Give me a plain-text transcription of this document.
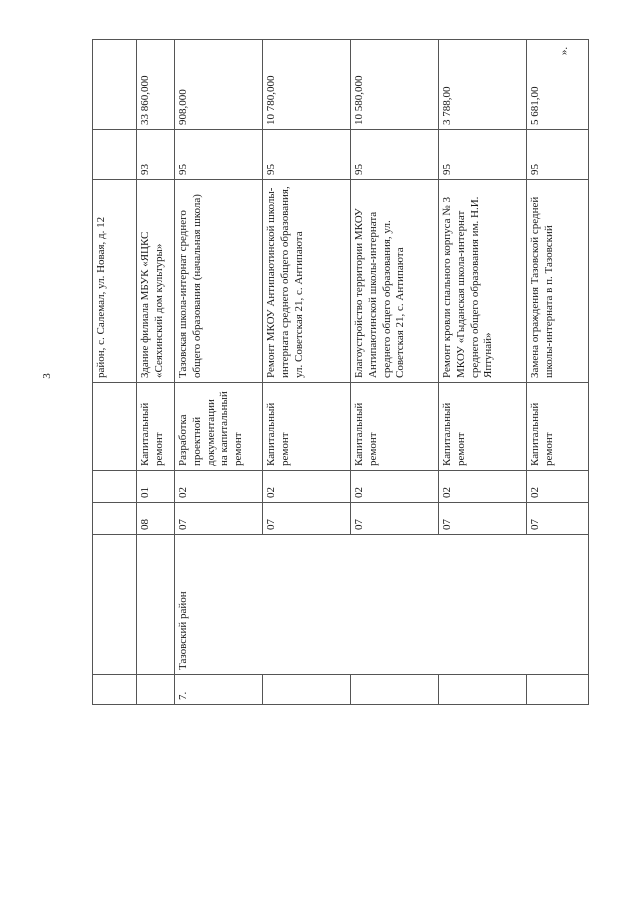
3
».
					район, с. Салемал, ул. Новая, д. 12		
		08	01	Капитальный ремонт	Здание филиала МБУК «ЯЦКС «Сеяхинский дом культуры»	93	33 860,000
7.	Тазовский район	07	02	Разработка проектной документации на капитальный ремонт	Тазовская школа-интернат среднего общего образования (начальная школа)	95	908,000
		07	02	Капитальный ремонт	Ремонт МКОУ Антипаютинской школы-интерната среднего общего образования, ул. Советская 21, с. Антипаюта	95	10 780,000
		07	02	Капитальный ремонт	Благоустройство территории МКОУ Антипаютинской школы-интерната среднего общего образования, ул. Советская 21, с. Антипаюта	95	10 580,000
		07	02	Капитальный ремонт	Ремонт кровли спального корпуса № 3 МКОУ «Гыданская школа-интернат среднего общего образования им. Н.И. Яптунай»	95	3 788,00
		07	02	Капитальный ремонт	Замена ограждения Тазовской средней школы-интерната в п. Тазовский	95	5 681,00
